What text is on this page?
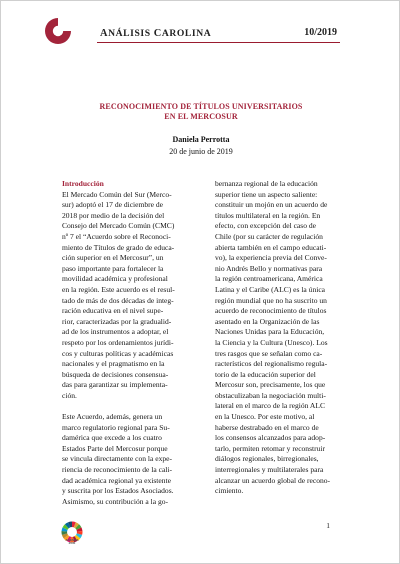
ANÁLISIS CAROLINA	10/2019
RECONOCIMIENTO DE TÍTULOS UNIVERSITARIOS
EN EL MERCOSUR
Daniela Perrotta
20 de junio de 2019
Introducción
El Mercado Común del Sur (Merco-
sur) adoptó el 17 de diciembre de
2018 por medio de la decisión del
Consejo del Mercado Común (CMC)
nº 7 el “Acuerdo sobre el Reconoci-
miento de Títulos de grado de educa-
ción superior en el Mercosur”, un
paso importante para fortalecer la
movilidad académica y profesional
en la región. Este acuerdo es el resul-
tado de más de dos décadas de integ-
ración educativa en el nivel supe-
rior, caracterizadas por la gradualid-
ad de los instrumentos a adoptar, el
respeto por los ordenamientos jurídi-
cos y culturas políticas y académicas
nacionales y el pragmatismo en la
búsqueda de decisiones consensua-
das para garantizar su implementa-
ción.
Este Acuerdo, además, genera un
marco regulatorio regional para Su-
damérica que excede a los cuatro
Estados Parte del Mercosur porque
se vincula directamente con la expe-
riencia de reconocimiento de la cali-
dad académica regional ya existente
y suscrita por los Estados Asociados.
Asimismo, su contribución a la go-
bernanza regional de la educación
superior tiene un aspecto saliente:
constituir un mojón en un acuerdo de
títulos multilateral en la región. En
efecto, con excepción del caso de
Chile (por su carácter de regulación
abierta también en el campo educati-
vo), la experiencia previa del Conve-
nio Andrés Bello y normativas para
la región centroamericana, América
Latina y el Caribe (ALC) es la única
región mundial que no ha suscrito un
acuerdo de reconocimiento de títulos
asentado en la Organización de las
Naciones Unidas para la Educación,
la Ciencia y la Cultura (Unesco). Los
tres rasgos que se señalan como ca-
racterísticos del regionalismo regula-
torio de la educación superior del
Mercosur son, precisamente, los que
obstaculizaban la negociación multi-
lateral en el marco de la región ALC
en la Unesco. Por este motivo, al
haberse destrabado en el marco de
los consensos alcanzados para adop-
tarlo, permiten retomar y reconstruir
diálogos regionales, birregionales,
interregionales y multilaterales para
alcanzar un acuerdo global de recono-
cimiento.
AGENDA
2030
1
